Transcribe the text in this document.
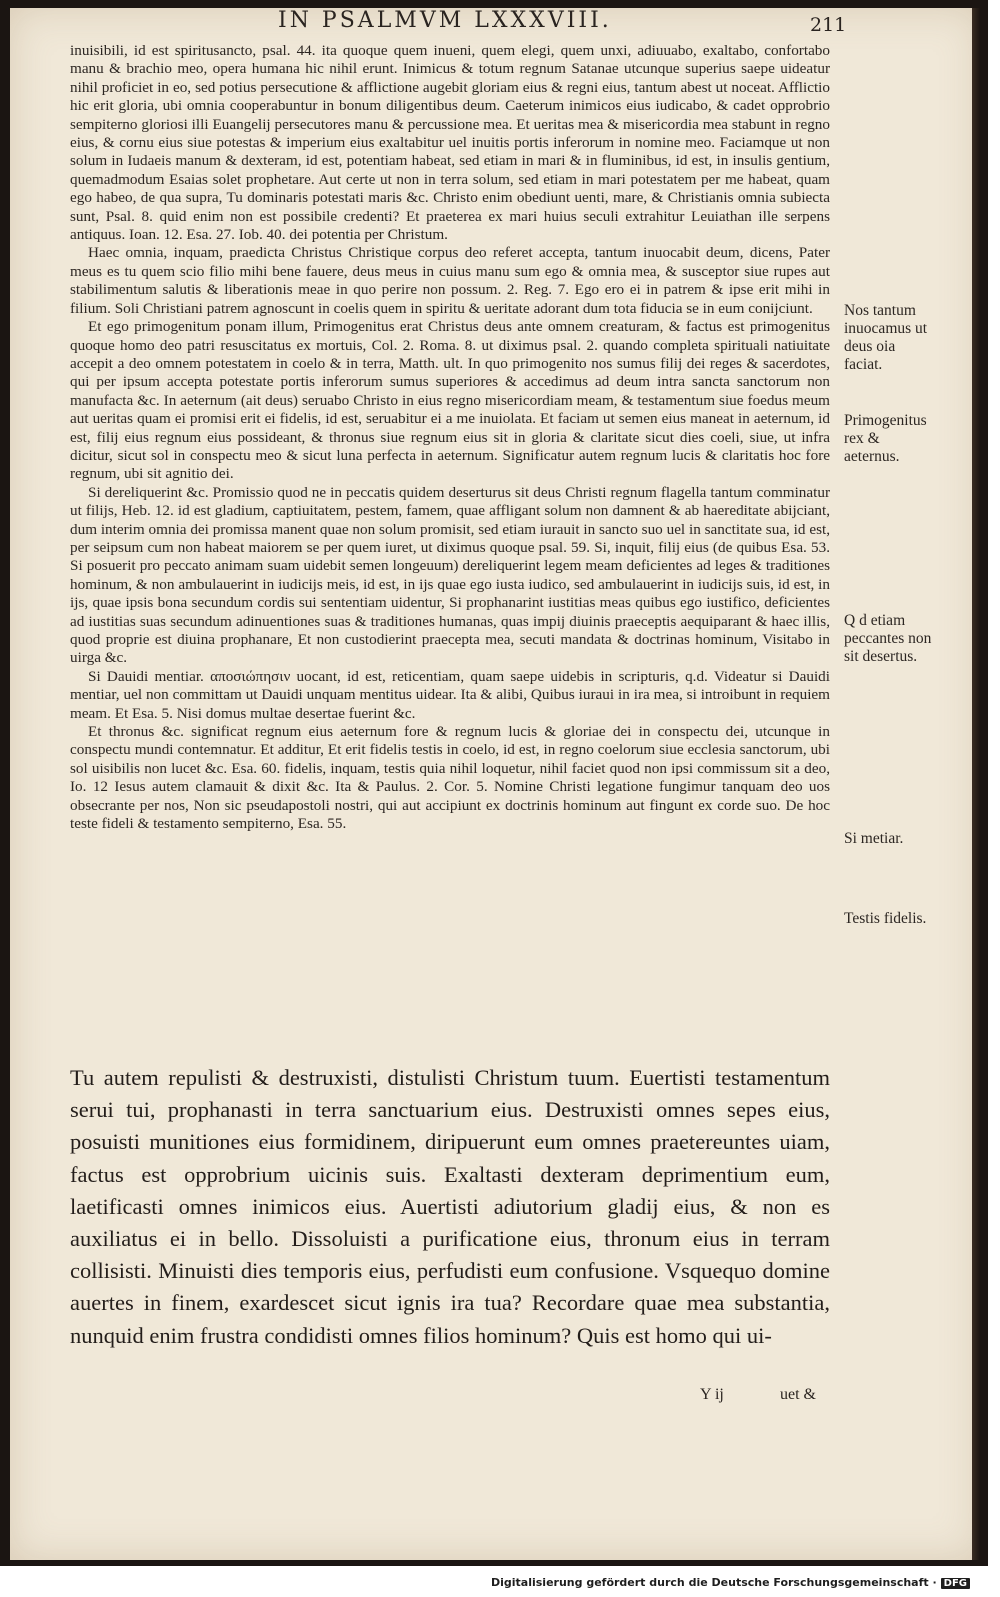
IN PSALMVM LXXXVIII.	211

inuisibili, id est spiritusancto, psal. 44. ita quoque quem inueni, quem elegi, quem unxi, adiuuabo, exaltabo, confortabo manu & brachio meo, opera humana hic nihil erunt. Inimicus & totum regnum Satanae utcunque superius saepe uideatur nihil proficiet in eo, sed potius persecutione & afflictione augebit gloriam eius & regni eius, tantum abest ut noceat. Afflictio hic erit gloria, ubi omnia cooperabuntur in bonum diligentibus deum. Caeterum inimicos eius iudicabo, & cadet opprobrio sempiterno gloriosi illi Euangelij persecutores manu & percussione mea. Et ueritas mea & misericordia mea stabunt in regno eius, & cornu eius siue potestas & imperium eius exaltabitur uel inuitis portis inferorum in nomine meo. Faciamque ut non solum in Iudaeis manum & dexteram, id est, potentiam habeat, sed etiam in mari & in fluminibus, id est, in insulis gentium, quemadmodum Esaias solet prophetare. Aut certe ut non in terra solum, sed etiam in mari potestatem per me habeat, quam ego habeo, de qua supra, Tu dominaris potestati maris &c. Christo enim obediunt uenti, mare, & Christianis omnia subiecta sunt, Psal. 8. quid enim non est possibile credenti? Et praeterea ex mari huius seculi extrahitur Leuiathan ille serpens antiquus. Ioan. 12. Esa. 27. Iob. 40. dei potentia per Christum.

Haec omnia, inquam, praedicta Christus Christique corpus deo referet accepta, tantum inuocabit deum, dicens, Pater meus es tu quem scio filio mihi bene fauere, deus meus in cuius manu sum ego & omnia mea, & susceptor siue rupes aut stabilimentum salutis & liberationis meae in quo perire non possum. 2. Reg. 7. Ego ero ei in patrem & ipse erit mihi in filium. Soli Christiani patrem agnoscunt in coelis quem in spiritu & ueritate adorant dum tota fiducia se in eum conijciunt.

Et ego primogenitum ponam illum, Primogenitus erat Christus deus ante omnem creaturam, & factus est primogenitus quoque homo deo patri resuscitatus ex mortuis, Col. 2. Roma. 8. ut diximus psal. 2. quando completa spirituali natiuitate accepit a deo omnem potestatem in coelo & in terra, Matth. ult. In quo primogenito nos sumus filij dei reges & sacerdotes, qui per ipsum accepta potestate portis inferorum sumus superiores & accedimus ad deum intra sancta sanctorum non manufacta &c. In aeternum (ait deus) seruabo Christo in eius regno misericordiam meam, & testamentum siue foedus meum aut ueritas quam ei promisi erit ei fidelis, id est, seruabitur ei a me inuiolata. Et faciam ut semen eius maneat in aeternum, id est, filij eius regnum eius possideant, & thronus siue regnum eius sit in gloria & claritate sicut dies coeli, siue, ut infra dicitur, sicut sol in conspectu meo & sicut luna perfecta in aeternum. Significatur autem regnum lucis & claritatis hoc fore regnum, ubi sit agnitio dei.

Si dereliquerint &c. Promissio quod ne in peccatis quidem deserturus sit deus Christi regnum flagella tantum comminatur ut filijs, Heb. 12. id est gladium, captiuitatem, pestem, famem, quae affligant solum non damnent & ab haereditate abijciant, dum interim omnia dei promissa manent quae non solum promisit, sed etiam iurauit in sancto suo uel in sanctitate sua, id est, per seipsum cum non habeat maiorem se per quem iuret, ut diximus quoque psal. 59. Si, inquit, filij eius (de quibus Esa. 53. Si posuerit pro peccato animam suam uidebit semen longeuum) dereliquerint legem meam deficientes ad leges & traditiones hominum, & non ambulauerint in iudicijs meis, id est, in ijs quae ego iusta iudico, sed ambulauerint in iudicijs suis, id est, in ijs, quae ipsis bona secundum cordis sui sententiam uidentur, Si prophanarint iustitias meas quibus ego iustifico, deficientes ad iustitias suas secundum adinuentiones suas & traditiones humanas, quas impij diuinis praeceptis aequiparant & haec illis, quod proprie est diuina prophanare, Et non custodierint praecepta mea, secuti mandata & doctrinas hominum, Visitabo in uirga &c.

Si Dauidi mentiar. αποσιώπησιν uocant, id est, reticentiam, quam saepe uidebis in scripturis, q.d. Videatur si Dauidi mentiar, uel non committam ut Dauidi unquam mentitus uidear. Ita & alibi, Quibus iuraui in ira mea, si introibunt in requiem meam. Et Esa. 5. Nisi domus multae desertae fuerint &c.

Et thronus &c. significat regnum eius aeternum fore & regnum lucis & gloriae dei in conspectu dei, utcunque in conspectu mundi contemnatur. Et additur, Et erit fidelis testis in coelo, id est, in regno coelorum siue ecclesia sanctorum, ubi sol uisibilis non lucet &c. Esa. 60. fidelis, inquam, testis quia nihil loquetur, nihil faciet quod non ipsi commissum sit a deo, Io. 12 Iesus autem clamauit & dixit &c. Ita & Paulus. 2. Cor. 5. Nomine Christi legatione fungimur tanquam deo uos obsecrante per nos, Non sic pseudapostoli nostri, qui aut accipiunt ex doctrinis hominum aut fingunt ex corde suo. De hoc teste fideli & testamento sempiterno, Esa. 55.

Nos tantum inuocamus ut deus oia faciat.
Primogenitus rex & aeternus.
Q d etiam peccantes non sit desertus.
Si metiar.
Testis fidelis.
Tu autem repulisti & destruxisti, distulisti Christum tuum. Euertisti testamentum serui tui, prophanasti in terra sanctuarium eius. Destruxisti omnes sepes eius, posuisti munitiones eius formidinem, diripuerunt eum omnes praetereuntes uiam, factus est opprobrium uicinis suis. Exaltasti dexteram deprimentium eum, laetificasti omnes inimicos eius. Auertisti adiutorium gladij eius, & non es auxiliatus ei in bello. Dissoluisti a purificatione eius, thronum eius in terram collisisti. Minuisti dies temporis eius, perfudisti eum confusione. Vsquequo domine auertes in finem, exardescet sicut ignis ira tua? Recordare quae mea substantia, nunquid enim frustra condidisti omnes filios hominum? Quis est homo qui ui-
Y ij	uet &
Digitalisierung gefördert durch die Deutsche Forschungsgemeinschaft · DFG
